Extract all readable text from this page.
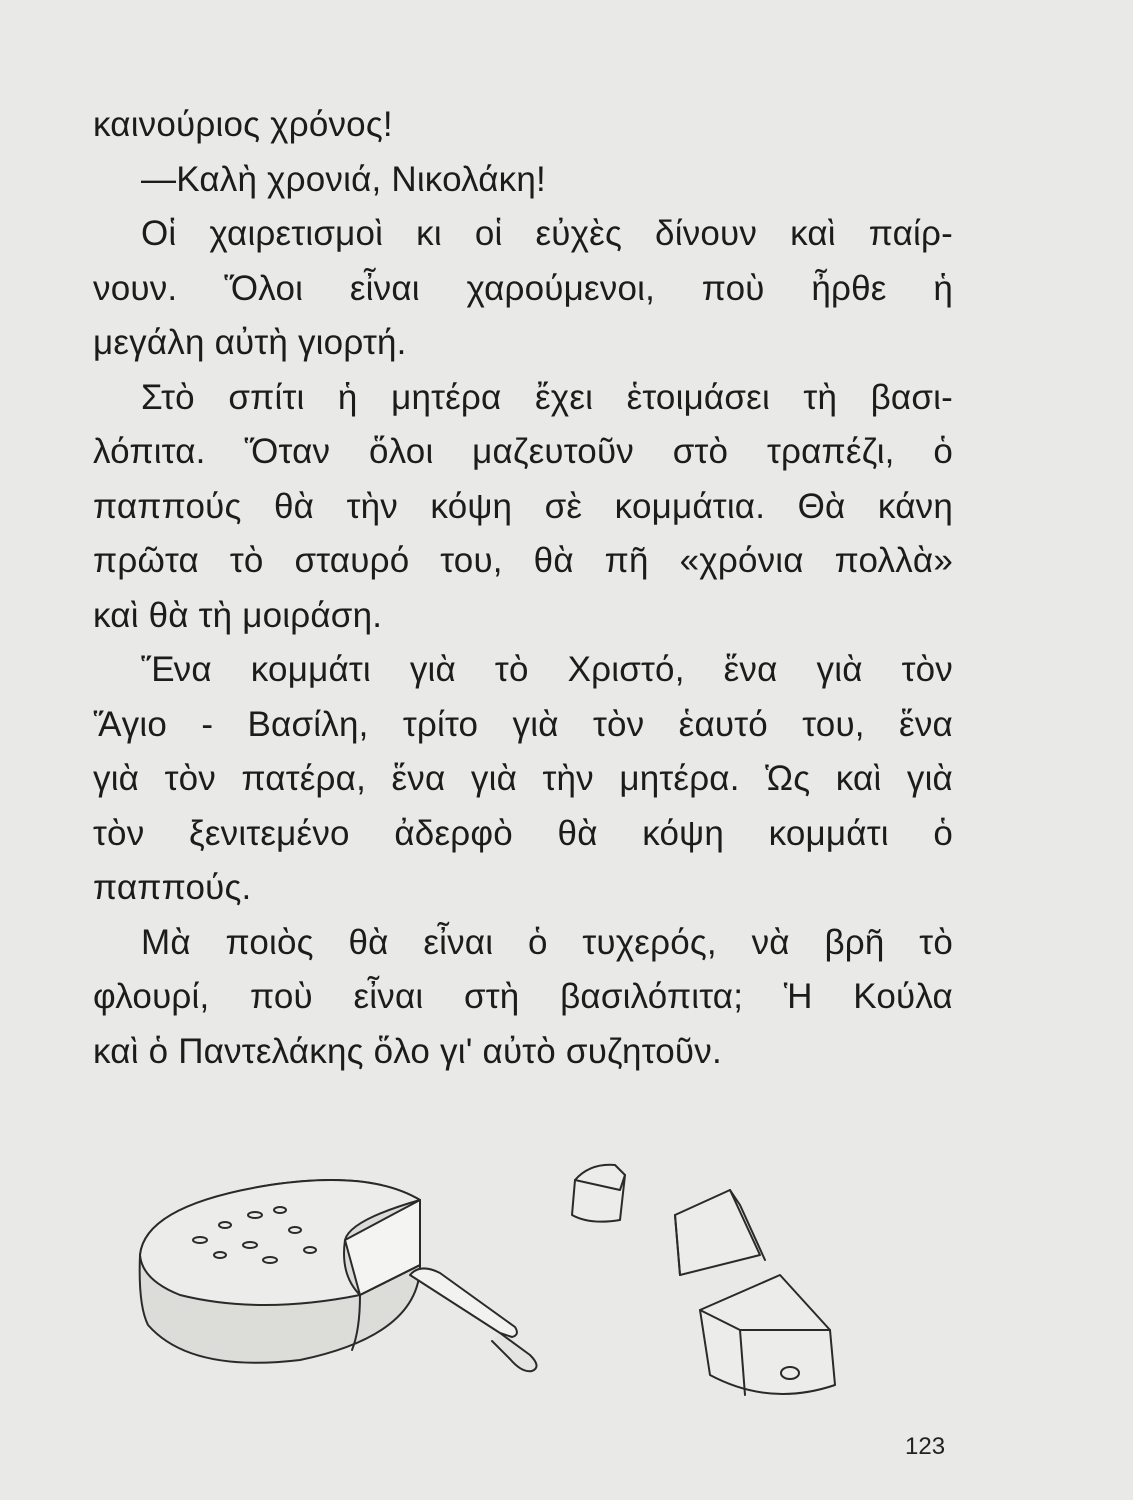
καινούριος χρόνος!
—Καλὴ χρονιά, Νικολάκη!
Οἱ χαιρετισμοὶ κι οἱ εὐχὲς δίνουν καὶ παίρ-
νουν. Ὅλοι εἶναι χαρούμενοι, ποὺ ἦρθε ἡ
μεγάλη αὐτὴ γιορτή.
Στὸ σπίτι ἡ μητέρα ἔχει ἑτοιμάσει τὴ βασι-
λόπιτα. Ὅταν ὅλοι μαζευτοῦν στὸ τραπέζι, ὁ
παππούς θὰ τὴν κόψη σὲ κομμάτια. Θὰ κάνη
πρῶτα τὸ σταυρό του, θὰ πῆ «χρόνια πολλὰ»
καὶ θὰ τὴ μοιράση.
Ἕνα κομμάτι γιὰ τὸ Χριστό, ἕνα γιὰ τὸν
Ἅγιο - Βασίλη, τρίτο γιὰ τὸν ἑαυτό του, ἕνα
γιὰ τὸν πατέρα, ἕνα γιὰ τὴν μητέρα. Ὡς καὶ γιὰ
τὸν ξενιτεμένο ἀδερφὸ θὰ κόψη κομμάτι ὁ
παππούς.
Μὰ ποιὸς θὰ εἶναι ὁ τυχερός, νὰ βρῆ τὸ
φλουρί, ποὺ εἶναι στὴ βασιλόπιτα; Ἡ Κούλα
καὶ ὁ Παντελάκης ὅλο γι' αὐτὸ συζητοῦν.
123
